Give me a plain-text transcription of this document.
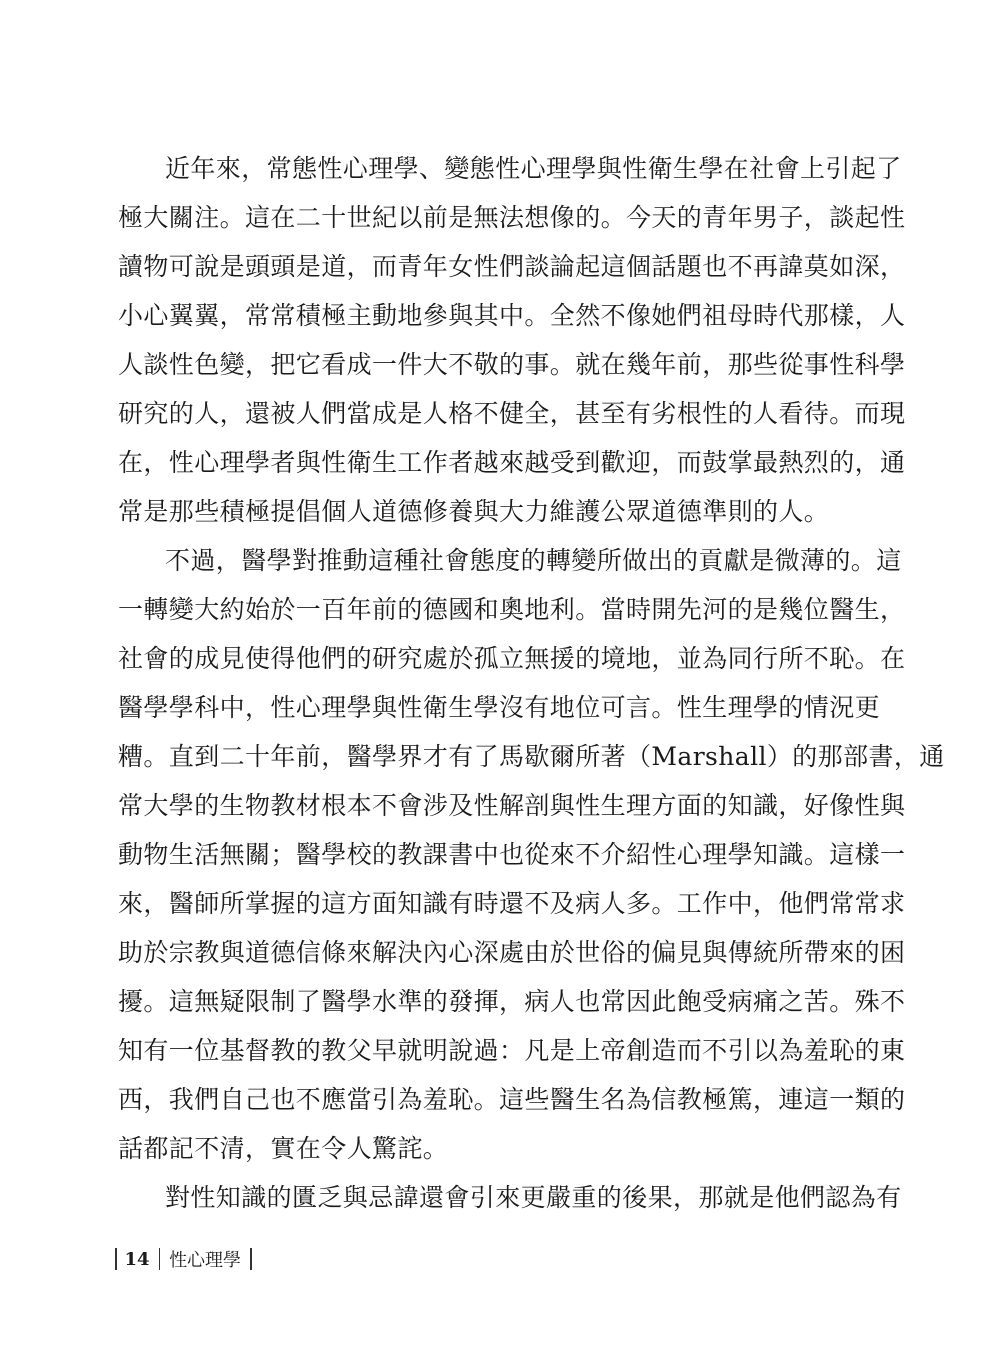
近年來，常態性心理學、變態性心理學與性衛生學在社會上引起了
極大關注。這在二十世紀以前是無法想像的。今天的青年男子，談起性
讀物可說是頭頭是道，而青年女性們談論起這個話題也不再諱莫如深，
小心翼翼，常常積極主動地參與其中。全然不像她們祖母時代那樣，人
人談性色變，把它看成一件大不敬的事。就在幾年前，那些從事性科學
研究的人，還被人們當成是人格不健全，甚至有劣根性的人看待。而現
在，性心理學者與性衛生工作者越來越受到歡迎，而鼓掌最熱烈的，通
常是那些積極提倡個人道德修養與大力維護公眾道德準則的人。
不過，醫學對推動這種社會態度的轉變所做出的貢獻是微薄的。這
一轉變大約始於一百年前的德國和奧地利。當時開先河的是幾位醫生，
社會的成見使得他們的研究處於孤立無援的境地，並為同行所不恥。在
醫學學科中，性心理學與性衛生學沒有地位可言。性生理學的情況更
糟。直到二十年前，醫學界才有了馬歇爾所著（Marshall）的那部書，通
常大學的生物教材根本不會涉及性解剖與性生理方面的知識，好像性與
動物生活無關；醫學校的教課書中也從來不介紹性心理學知識。這樣一
來，醫師所掌握的這方面知識有時還不及病人多。工作中，他們常常求
助於宗教與道德信條來解決內心深處由於世俗的偏見與傳統所帶來的困
擾。這無疑限制了醫學水準的發揮，病人也常因此飽受病痛之苦。殊不
知有一位基督教的教父早就明說過：凡是上帝創造而不引以為羞恥的東
西，我們自己也不應當引為羞恥。這些醫生名為信教極篤，連這一類的
話都記不清，實在令人驚詫。
對性知識的匱乏與忌諱還會引來更嚴重的後果，那就是他們認為有
14	性心理學
